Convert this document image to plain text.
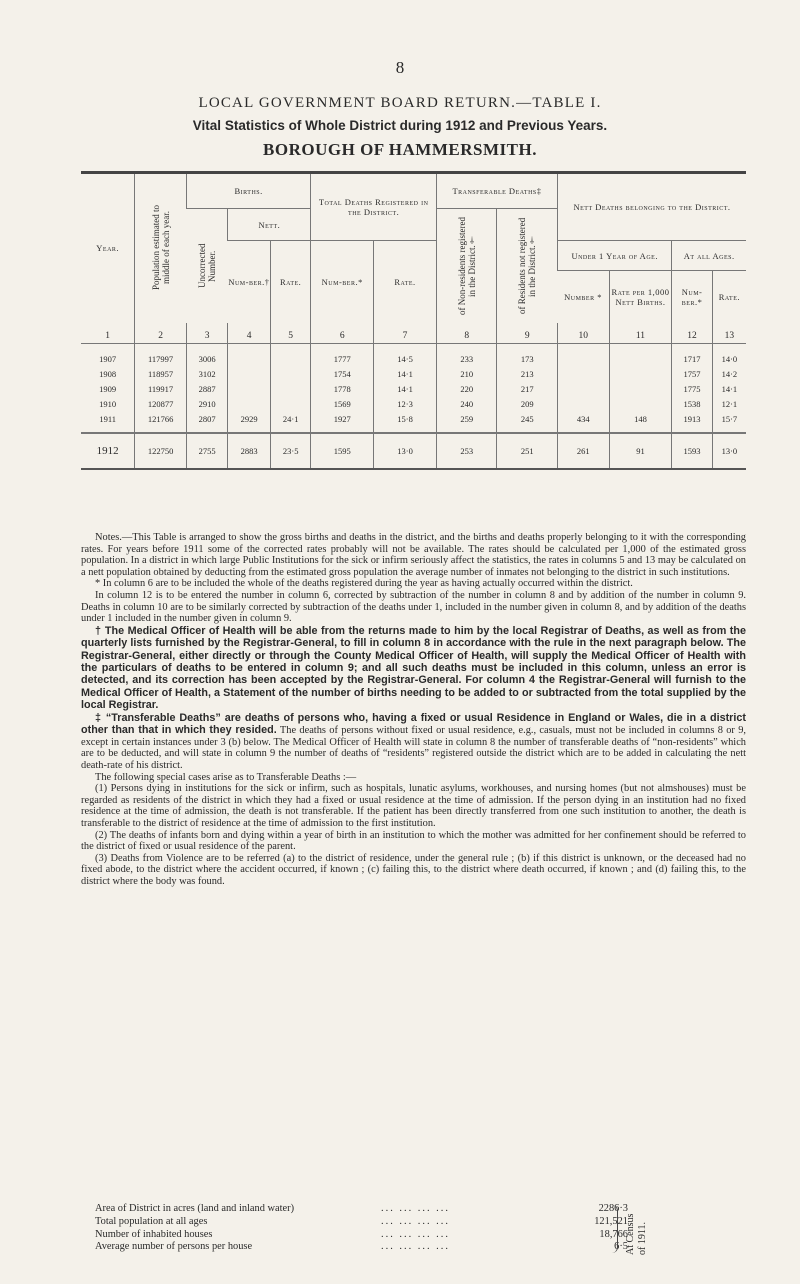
8
LOCAL GOVERNMENT BOARD RETURN.—TABLE I.
Vital Statistics of Whole District during 1912 and Previous Years.
BOROUGH OF HAMMERSMITH.
Year.	Population estimated to middle of each year.	Births.			Total Deaths Registered in the District.		Transferable Deaths‡		Nett Deaths belonging to the District.			

		Uncorrected Number.	Nett.				of Non-residents registered in the District.†	of Residents not registered in the District.†				

			Num-ber.†	Rate.	Num-ber.*	Rate.			Under 1 Year of Age.		At all Ages.	
									Number *	Rate per 1,000 Nett Births.	Num-ber.*	Rate.
1	2	3	4	5	6	7	8	9	10	11	12	13

1907	117997	3006			1777	14·5	233	173			1717	14·0
1908	118957	3102			1754	14·1	210	213			1757	14·2
1909	119917	2887			1778	14·1	220	217			1775	14·1
1910	120877	2910			1569	12·3	240	209			1538	12·1
1911	121766	2807	2929	24·1	1927	15·8	259	245	434	148	1913	15·7

1912	122750	2755	2883	23·5	1595	13·0	253	251	261	91	1593	13·0

Notes.—This Table is arranged to show the gross births and deaths in the district, and the births and deaths properly belonging to it with the corresponding rates. For years before 1911 some of the corrected rates probably will not be available. The rates should be calculated per 1,000 of the estimated gross population. In a district in which large Public Institutions for the sick or infirm seriously affect the statistics, the rates in columns 5 and 13 may be calculated on a nett population obtained by deducting from the estimated gross population the average number of inmates not belonging to the district in such institutions.

* In column 6 are to be included the whole of the deaths registered during the year as having actually occurred within the district.

In column 12 is to be entered the number in column 6, corrected by subtraction of the number in column 8 and by addition of the number in column 9. Deaths in column 10 are to be similarly corrected by subtraction of the deaths under 1, included in the number given in column 8, and by addition of the deaths under 1 included in the number given in column 9.

† The Medical Officer of Health will be able from the returns made to him by the local Registrar of Deaths, as well as from the quarterly lists furnished by the Registrar-General, to fill in column 8 in accordance with the rule in the next paragraph below. The Registrar-General, either directly or through the County Medical Officer of Health, will supply the Medical Officer of Health with the particulars of deaths to be entered in column 9; and all such deaths must be included in this column, unless an error is detected, and its correction has been accepted by the Registrar-General. For column 4 the Registrar-General will furnish to the Medical Officer of Health, a Statement of the number of births needing to be added to or subtracted from the total supplied by the local Registrar.

‡ “Transferable Deaths” are deaths of persons who, having a fixed or usual Residence in England or Wales, die in a district other than that in which they resided. The deaths of persons without fixed or usual residence, e.g., casuals, must not be included in columns 8 or 9, except in certain instances under 3 (b) below. The Medical Officer of Health will state in column 8 the number of transferable deaths of “non-residents” which are to be deducted, and will state in column 9 the number of deaths of “residents” registered outside the district which are to be added in calculating the nett death-rate of his district.

The following special cases arise as to Transferable Deaths :—

(1) Persons dying in institutions for the sick or infirm, such as hospitals, lunatic asylums, workhouses, and nursing homes (but not almshouses) must be regarded as residents of the district in which they had a fixed or usual residence at the time of admission. If the person dying in an institution had no fixed residence at the time of admission, the death is not transferable. If the patient has been directly transferred from one such institution to another, the death is transferable to the district of residence at the time of admission to the first institution.

(2) The deaths of infants born and dying within a year of birth in an institution to which the mother was admitted for her confinement should be referred to the district of fixed or usual residence of the parent.

(3) Deaths from Violence are to be referred (a) to the district of residence, under the general rule ; (b) if this district is unknown, or the deceased had no fixed abode, to the district where the accident occurred, if known ; (c) failing this, to the district where death occurred, if known ; and (d) failing this, to the district where the body was found.

Area of District in acres (land and inland water)	... ... ... ...	2286·3
Total population at all ages	... ... ... ...	121,521
Number of inhabited houses	... ... ... ...	18,766
Average number of persons per house	... ... ... ...	6·5
At Census of 1911.
